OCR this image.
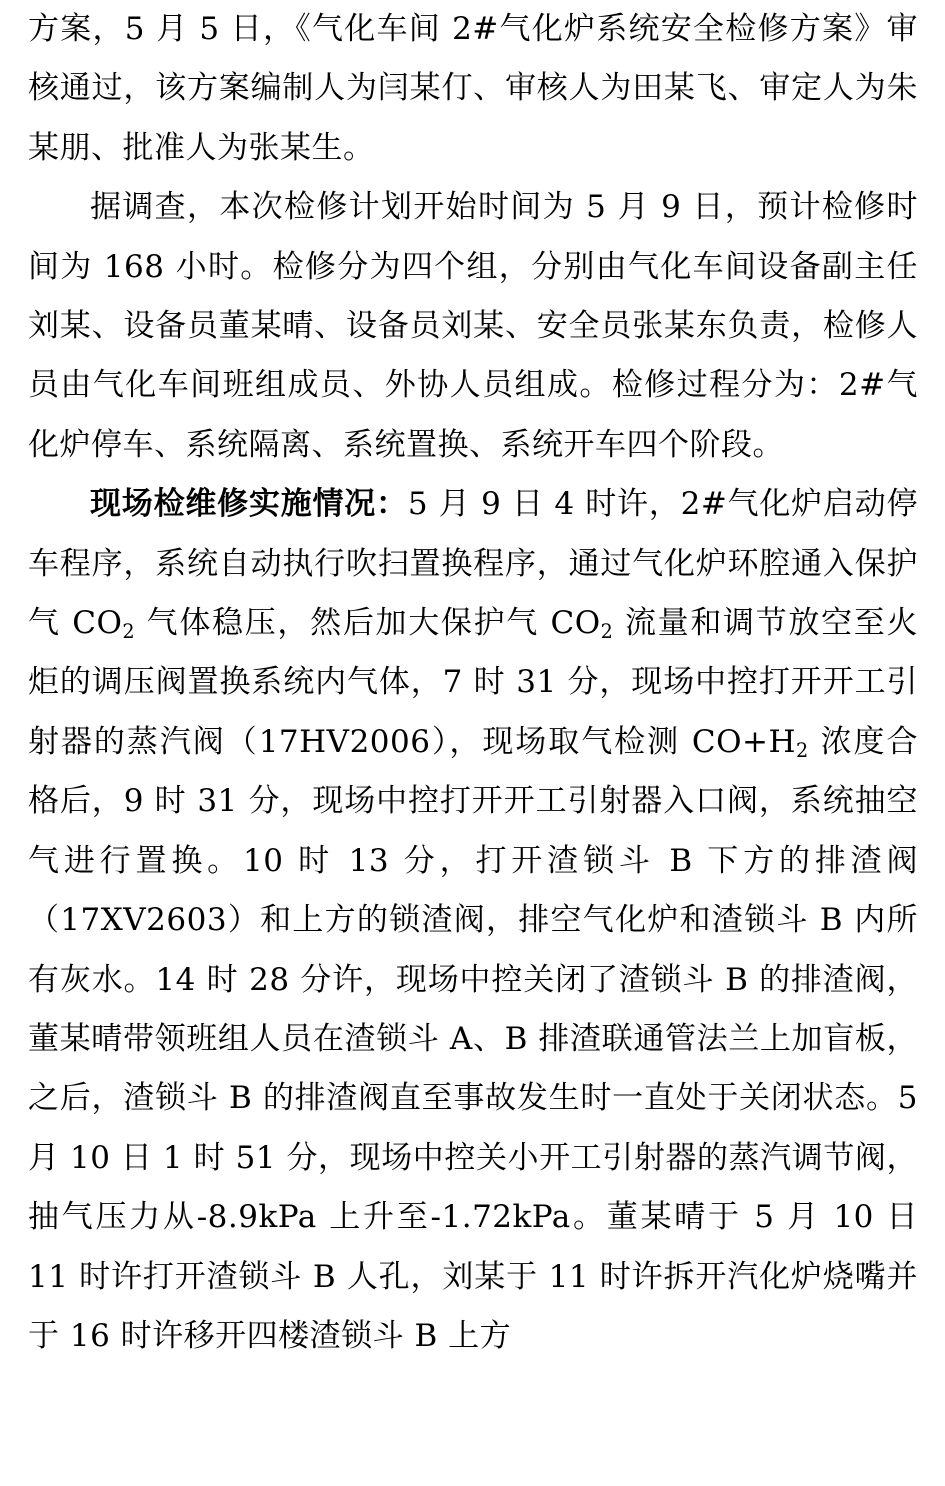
方案，5 月 5 日，《气化车间 2#气化炉系统安全检修方案》审核通过，该方案编制人为闫某仃、审核人为田某飞、审定人为朱某朋、批准人为张某生。

据调查，本次检修计划开始时间为 5 月 9 日，预计检修时间为 168 小时。检修分为四个组，分别由气化车间设备副主任刘某、设备员董某晴、设备员刘某、安全员张某东负责，检修人员由气化车间班组成员、外协人员组成。检修过程分为：2#气化炉停车、系统隔离、系统置换、系统开车四个阶段。

现场检维修实施情况：5 月 9 日 4 时许，2#气化炉启动停车程序，系统自动执行吹扫置换程序，通过气化炉环腔通入保护气 $CO_2$ 气体稳压，然后加大保护气 $CO_2$ 流量和调节放空至火炬的调压阀置换系统内气体，7 时 31 分，现场中控打开开工引射器的蒸汽阀（17HV2006），现场取气检测 $CO+H_2$ 浓度合格后，9 时 31 分，现场中控打开开工引射器入口阀，系统抽空气进行置换。10 时 13 分，打开渣锁斗 B 下方的排渣阀（17XV2603）和上方的锁渣阀，排空气化炉和渣锁斗 B 内所有灰水。14 时 28 分许，现场中控关闭了渣锁斗 B 的排渣阀，董某晴带领班组人员在渣锁斗 A、B 排渣联通管法兰上加盲板，之后，渣锁斗 B 的排渣阀直至事故发生时一直处于关闭状态。5 月 10 日 1 时 51 分，现场中控关小开工引射器的蒸汽调节阀，抽气压力从-8.9kPa 上升至-1.72kPa。董某晴于 5 月 10 日 11 时许打开渣锁斗 B 人孔，刘某于 11 时许拆开汽化炉烧嘴并于 16 时许移开四楼渣锁斗 B 上方
